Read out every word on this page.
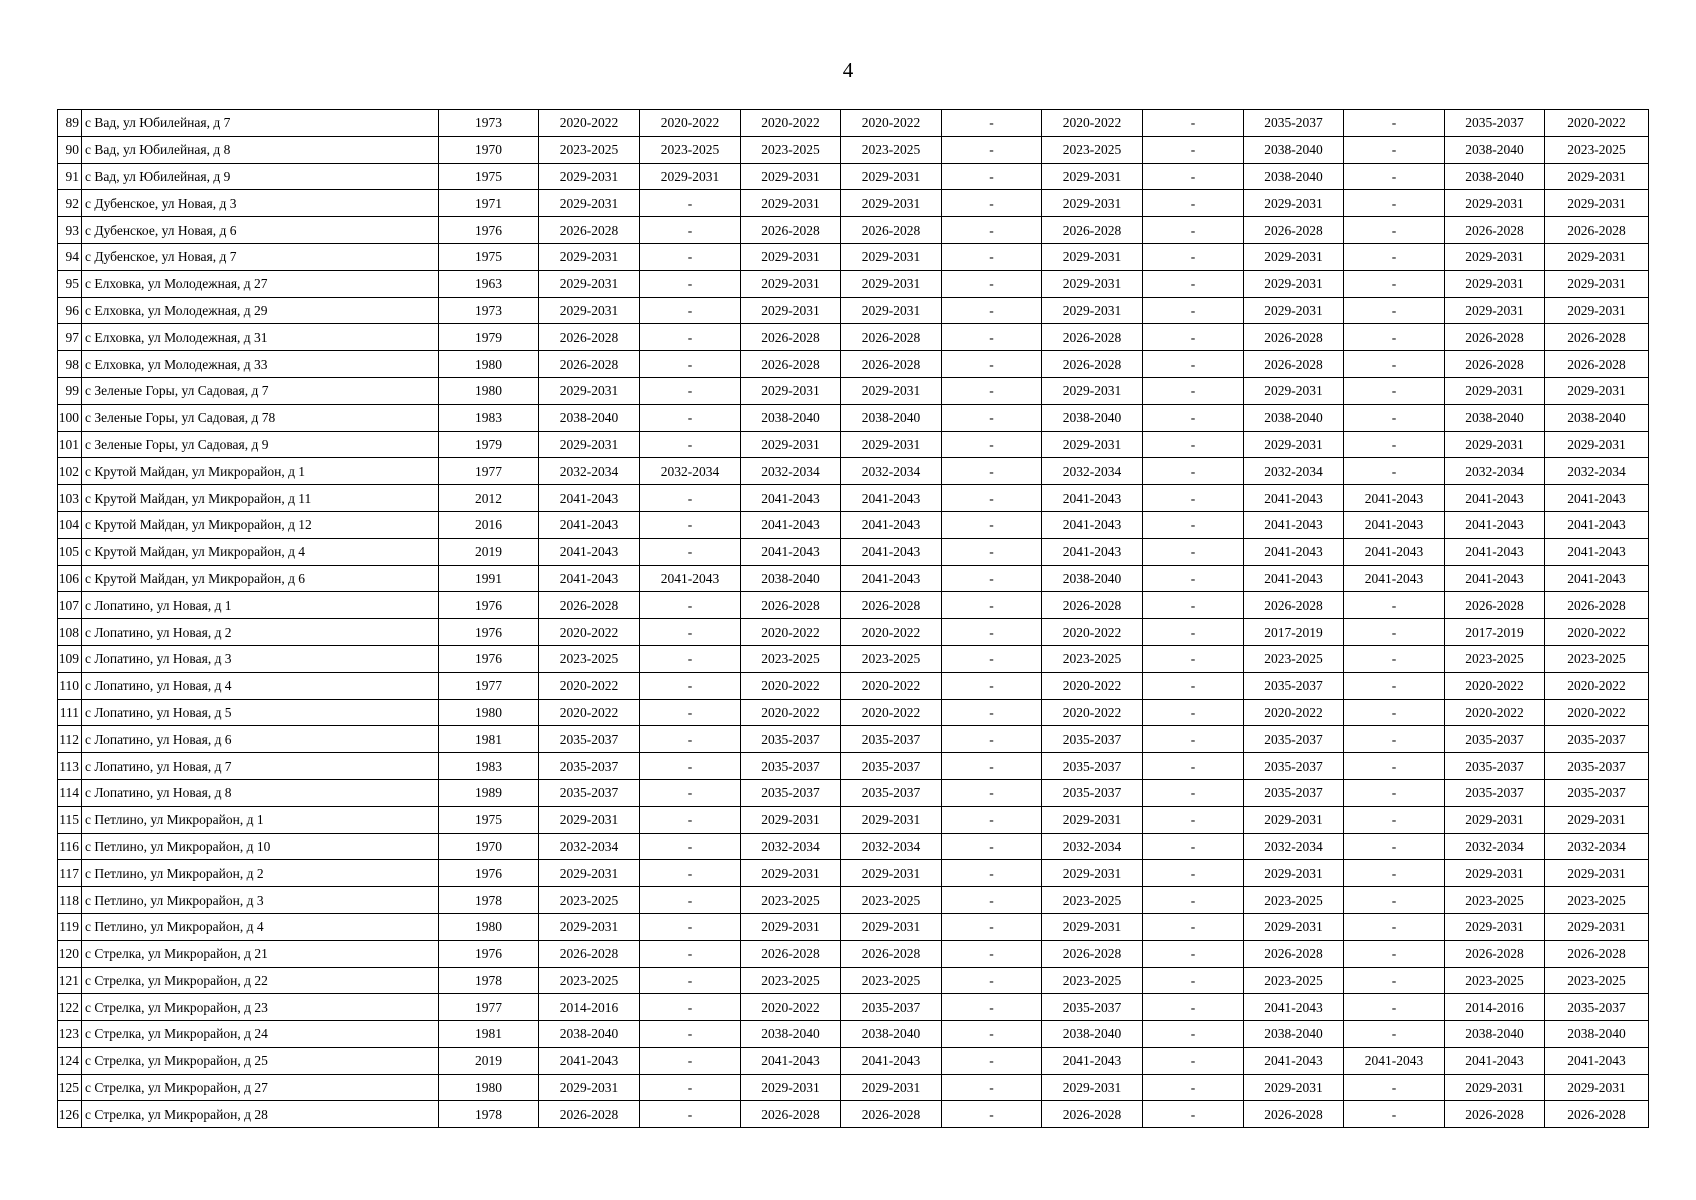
4
89	с Вад, ул Юбилейная, д 7	1973	2020-2022	2020-2022	2020-2022	2020-2022	-	2020-2022	-	2035-2037	-	2035-2037	2020-2022
90	с Вад, ул Юбилейная, д 8	1970	2023-2025	2023-2025	2023-2025	2023-2025	-	2023-2025	-	2038-2040	-	2038-2040	2023-2025
91	с Вад, ул Юбилейная, д 9	1975	2029-2031	2029-2031	2029-2031	2029-2031	-	2029-2031	-	2038-2040	-	2038-2040	2029-2031
92	с Дубенское, ул Новая, д 3	1971	2029-2031	-	2029-2031	2029-2031	-	2029-2031	-	2029-2031	-	2029-2031	2029-2031
93	с Дубенское, ул Новая, д 6	1976	2026-2028	-	2026-2028	2026-2028	-	2026-2028	-	2026-2028	-	2026-2028	2026-2028
94	с Дубенское, ул Новая, д 7	1975	2029-2031	-	2029-2031	2029-2031	-	2029-2031	-	2029-2031	-	2029-2031	2029-2031
95	с Елховка, ул Молодежная, д 27	1963	2029-2031	-	2029-2031	2029-2031	-	2029-2031	-	2029-2031	-	2029-2031	2029-2031
96	с Елховка, ул Молодежная, д 29	1973	2029-2031	-	2029-2031	2029-2031	-	2029-2031	-	2029-2031	-	2029-2031	2029-2031
97	с Елховка, ул Молодежная, д 31	1979	2026-2028	-	2026-2028	2026-2028	-	2026-2028	-	2026-2028	-	2026-2028	2026-2028
98	с Елховка, ул Молодежная, д 33	1980	2026-2028	-	2026-2028	2026-2028	-	2026-2028	-	2026-2028	-	2026-2028	2026-2028
99	с Зеленые Горы, ул Садовая, д 7	1980	2029-2031	-	2029-2031	2029-2031	-	2029-2031	-	2029-2031	-	2029-2031	2029-2031
100	с Зеленые Горы, ул Садовая, д 78	1983	2038-2040	-	2038-2040	2038-2040	-	2038-2040	-	2038-2040	-	2038-2040	2038-2040
101	с Зеленые Горы, ул Садовая, д 9	1979	2029-2031	-	2029-2031	2029-2031	-	2029-2031	-	2029-2031	-	2029-2031	2029-2031
102	с Крутой Майдан, ул Микрорайон, д 1	1977	2032-2034	2032-2034	2032-2034	2032-2034	-	2032-2034	-	2032-2034	-	2032-2034	2032-2034
103	с Крутой Майдан, ул Микрорайон, д 11	2012	2041-2043	-	2041-2043	2041-2043	-	2041-2043	-	2041-2043	2041-2043	2041-2043	2041-2043
104	с Крутой Майдан, ул Микрорайон, д 12	2016	2041-2043	-	2041-2043	2041-2043	-	2041-2043	-	2041-2043	2041-2043	2041-2043	2041-2043
105	с Крутой Майдан, ул Микрорайон, д 4	2019	2041-2043	-	2041-2043	2041-2043	-	2041-2043	-	2041-2043	2041-2043	2041-2043	2041-2043
106	с Крутой Майдан, ул Микрорайон, д 6	1991	2041-2043	2041-2043	2038-2040	2041-2043	-	2038-2040	-	2041-2043	2041-2043	2041-2043	2041-2043
107	с Лопатино, ул Новая, д 1	1976	2026-2028	-	2026-2028	2026-2028	-	2026-2028	-	2026-2028	-	2026-2028	2026-2028
108	с Лопатино, ул Новая, д 2	1976	2020-2022	-	2020-2022	2020-2022	-	2020-2022	-	2017-2019	-	2017-2019	2020-2022
109	с Лопатино, ул Новая, д 3	1976	2023-2025	-	2023-2025	2023-2025	-	2023-2025	-	2023-2025	-	2023-2025	2023-2025
110	с Лопатино, ул Новая, д 4	1977	2020-2022	-	2020-2022	2020-2022	-	2020-2022	-	2035-2037	-	2020-2022	2020-2022
111	с Лопатино, ул Новая, д 5	1980	2020-2022	-	2020-2022	2020-2022	-	2020-2022	-	2020-2022	-	2020-2022	2020-2022
112	с Лопатино, ул Новая, д 6	1981	2035-2037	-	2035-2037	2035-2037	-	2035-2037	-	2035-2037	-	2035-2037	2035-2037
113	с Лопатино, ул Новая, д 7	1983	2035-2037	-	2035-2037	2035-2037	-	2035-2037	-	2035-2037	-	2035-2037	2035-2037
114	с Лопатино, ул Новая, д 8	1989	2035-2037	-	2035-2037	2035-2037	-	2035-2037	-	2035-2037	-	2035-2037	2035-2037
115	с Петлино, ул Микрорайон, д 1	1975	2029-2031	-	2029-2031	2029-2031	-	2029-2031	-	2029-2031	-	2029-2031	2029-2031
116	с Петлино, ул Микрорайон, д 10	1970	2032-2034	-	2032-2034	2032-2034	-	2032-2034	-	2032-2034	-	2032-2034	2032-2034
117	с Петлино, ул Микрорайон, д 2	1976	2029-2031	-	2029-2031	2029-2031	-	2029-2031	-	2029-2031	-	2029-2031	2029-2031
118	с Петлино, ул Микрорайон, д 3	1978	2023-2025	-	2023-2025	2023-2025	-	2023-2025	-	2023-2025	-	2023-2025	2023-2025
119	с Петлино, ул Микрорайон, д 4	1980	2029-2031	-	2029-2031	2029-2031	-	2029-2031	-	2029-2031	-	2029-2031	2029-2031
120	с Стрелка, ул Микрорайон, д 21	1976	2026-2028	-	2026-2028	2026-2028	-	2026-2028	-	2026-2028	-	2026-2028	2026-2028
121	с Стрелка, ул Микрорайон, д 22	1978	2023-2025	-	2023-2025	2023-2025	-	2023-2025	-	2023-2025	-	2023-2025	2023-2025
122	с Стрелка, ул Микрорайон, д 23	1977	2014-2016	-	2020-2022	2035-2037	-	2035-2037	-	2041-2043	-	2014-2016	2035-2037
123	с Стрелка, ул Микрорайон, д 24	1981	2038-2040	-	2038-2040	2038-2040	-	2038-2040	-	2038-2040	-	2038-2040	2038-2040
124	с Стрелка, ул Микрорайон, д 25	2019	2041-2043	-	2041-2043	2041-2043	-	2041-2043	-	2041-2043	2041-2043	2041-2043	2041-2043
125	с Стрелка, ул Микрорайон, д 27	1980	2029-2031	-	2029-2031	2029-2031	-	2029-2031	-	2029-2031	-	2029-2031	2029-2031
126	с Стрелка, ул Микрорайон, д 28	1978	2026-2028	-	2026-2028	2026-2028	-	2026-2028	-	2026-2028	-	2026-2028	2026-2028
